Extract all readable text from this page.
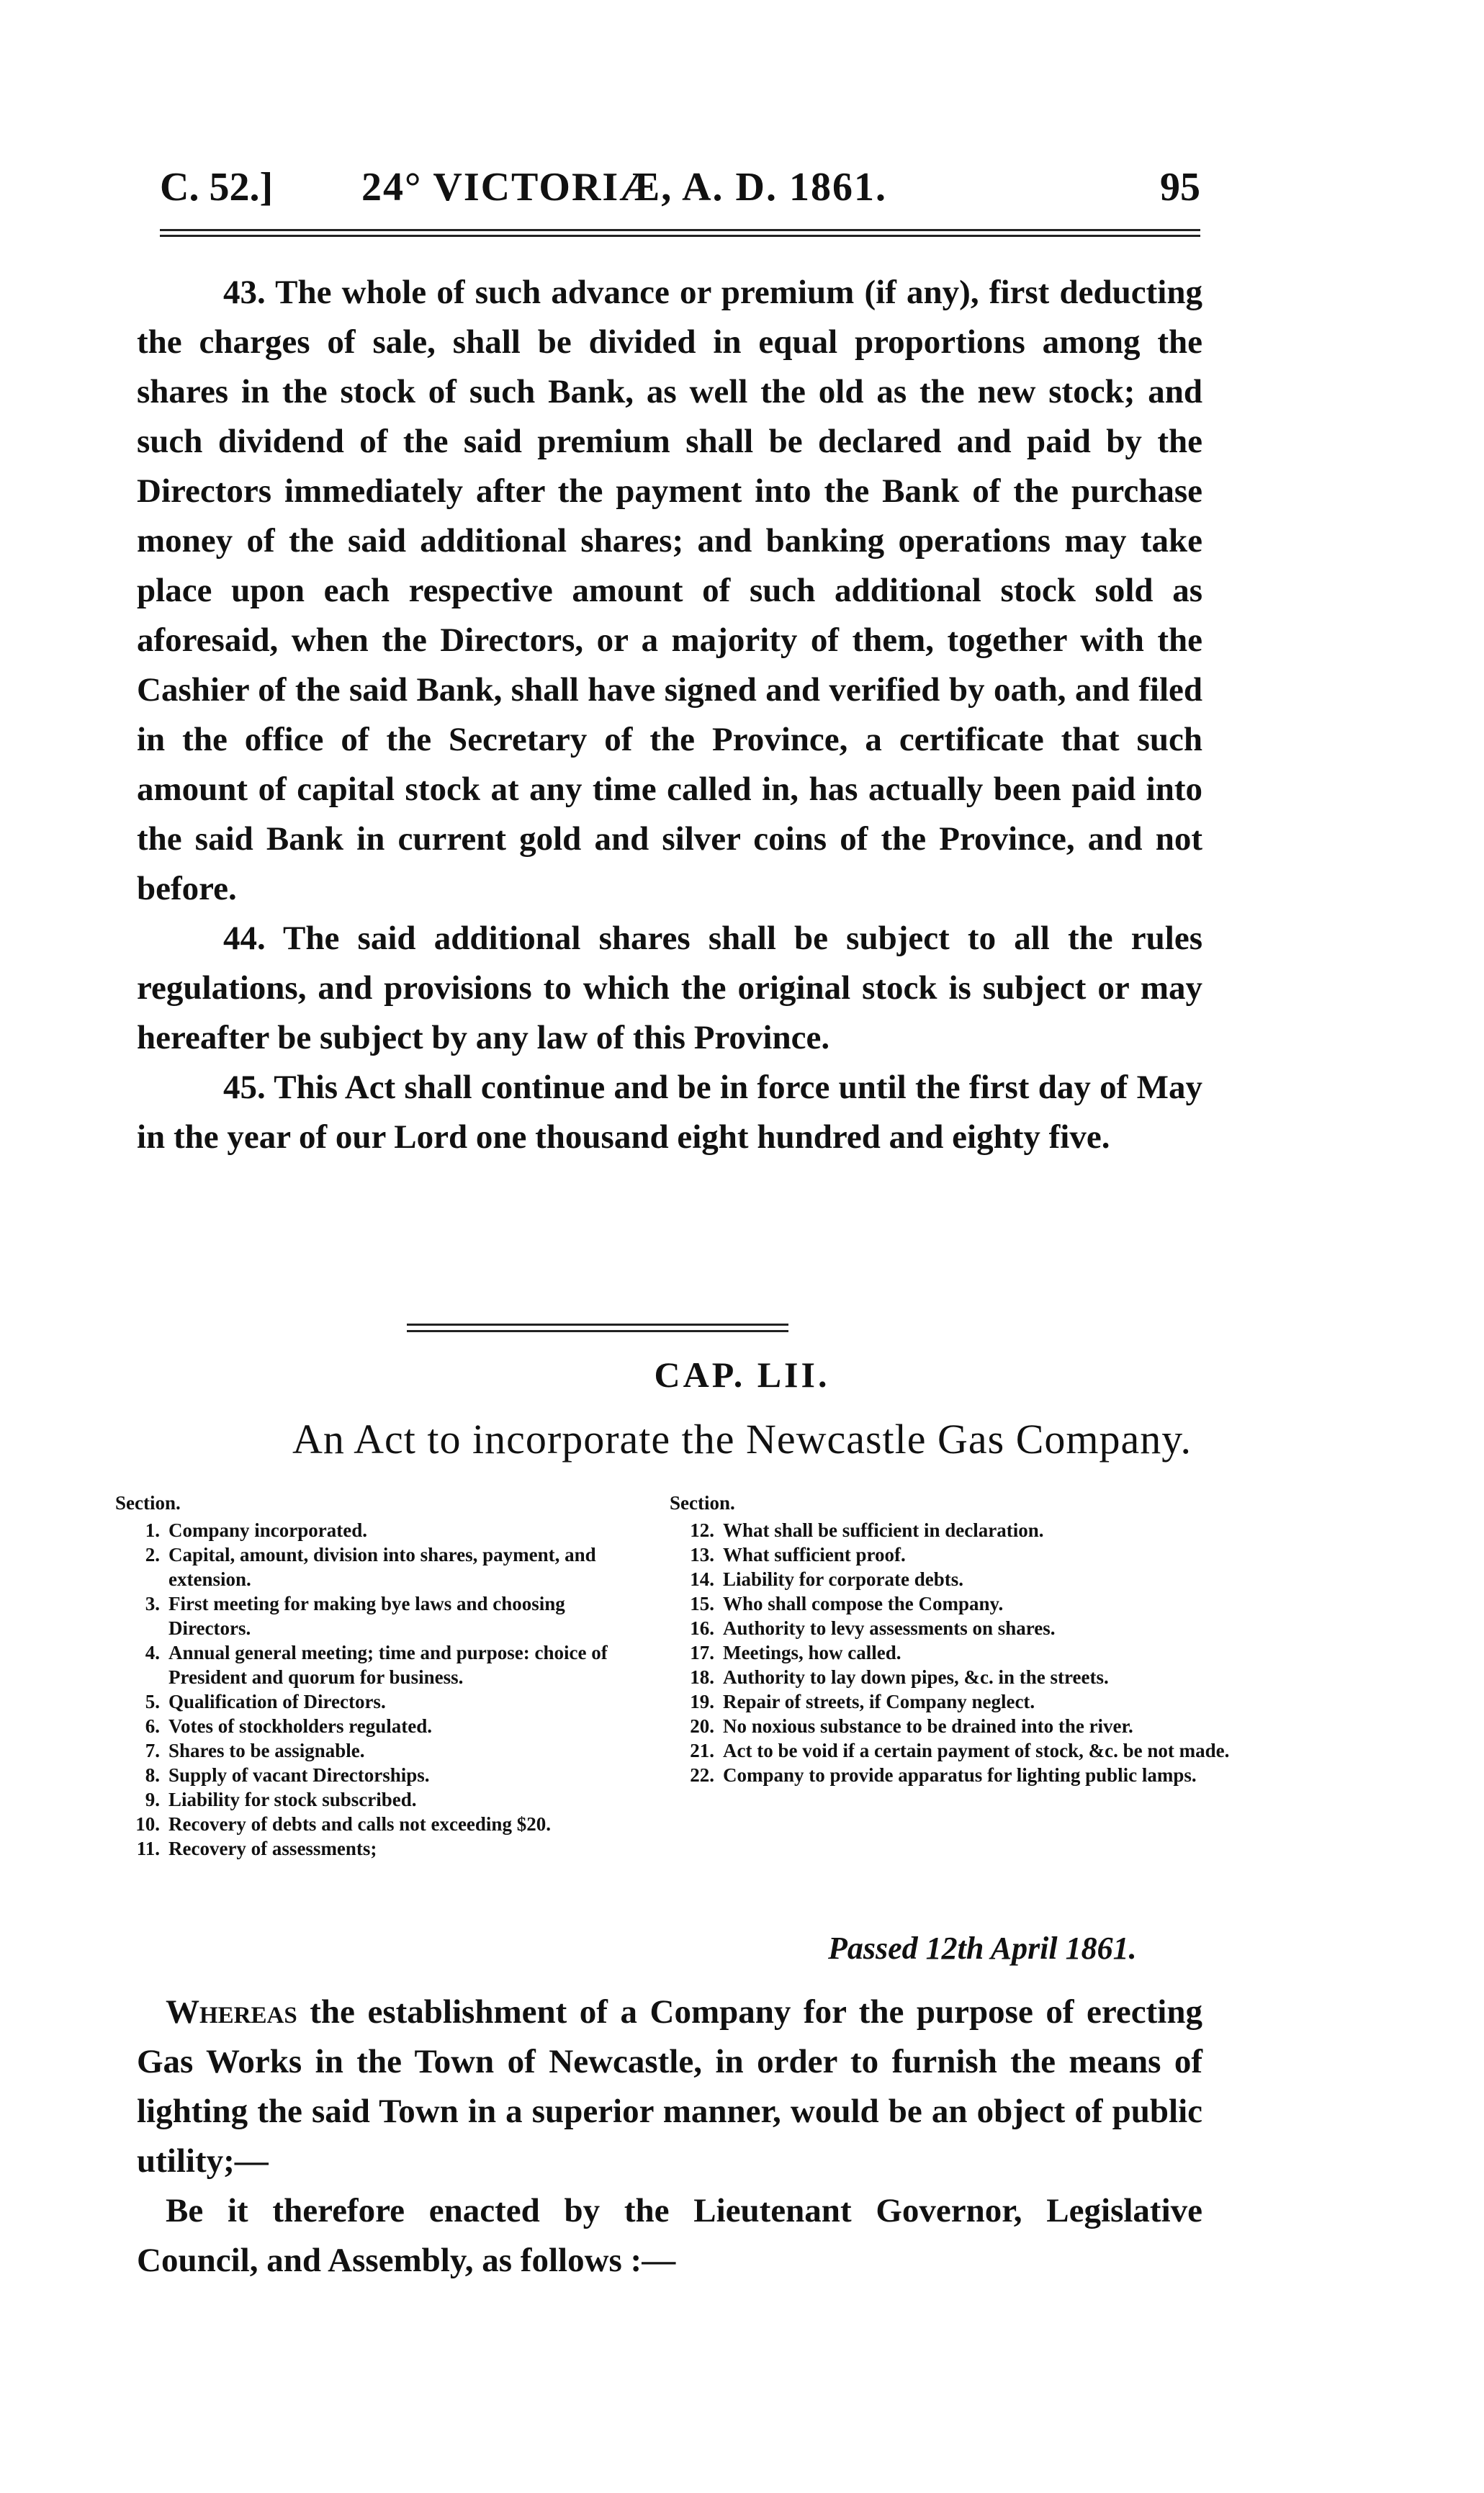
C. 52.] 24° VICTORIÆ, A. D. 1861.	95

43. The whole of such advance or premium (if any), first deducting the charges of sale, shall be divided in equal proportions among the shares in the stock of such Bank, as well the old as the new stock; and such dividend of the said premium shall be declared and paid by the Directors immediately after the payment into the Bank of the purchase money of the said additional shares; and banking operations may take place upon each respective amount of such additional stock sold as aforesaid, when the Directors, or a majority of them, together with the Cashier of the said Bank, shall have signed and verified by oath, and filed in the office of the Secretary of the Province, a certificate that such amount of capital stock at any time called in, has actually been paid into the said Bank in current gold and silver coins of the Province, and not before.

44. The said additional shares shall be subject to all the rules regulations, and provisions to which the original stock is subject or may hereafter be subject by any law of this Province.

45. This Act shall continue and be in force until the first day of May in the year of our Lord one thousand eight hundred and eighty five.

CAP. LII.
An Act to incorporate the Newcastle Gas Company.
Section.
1. Company incorporated.
2. Capital, amount, division into shares, payment, and extension.
3. First meeting for making bye laws and choosing Directors.
4. Annual general meeting; time and purpose: choice of President and quorum for business.
5. Qualification of Directors.
6. Votes of stockholders regulated.
7. Shares to be assignable.
8. Supply of vacant Directorships.
9. Liability for stock subscribed.
10. Recovery of debts and calls not exceeding $20.
11. Recovery of assessments;
Section.
12. What shall be sufficient in declaration.
13. What sufficient proof.
14. Liability for corporate debts.
15. Who shall compose the Company.
16. Authority to levy assessments on shares.
17. Meetings, how called.
18. Authority to lay down pipes, &c. in the streets.
19. Repair of streets, if Company neglect.
20. No noxious substance to be drained into the river.
21. Act to be void if a certain payment of stock, &c. be not made.
22. Company to provide apparatus for lighting public lamps.
Passed 12th April 1861.

Whereas the establishment of a Company for the purpose of erecting Gas Works in the Town of Newcastle, in order to furnish the means of lighting the said Town in a superior manner, would be an object of public utility;—

Be it therefore enacted by the Lieutenant Governor, Legislative Council, and Assembly, as follows :—
